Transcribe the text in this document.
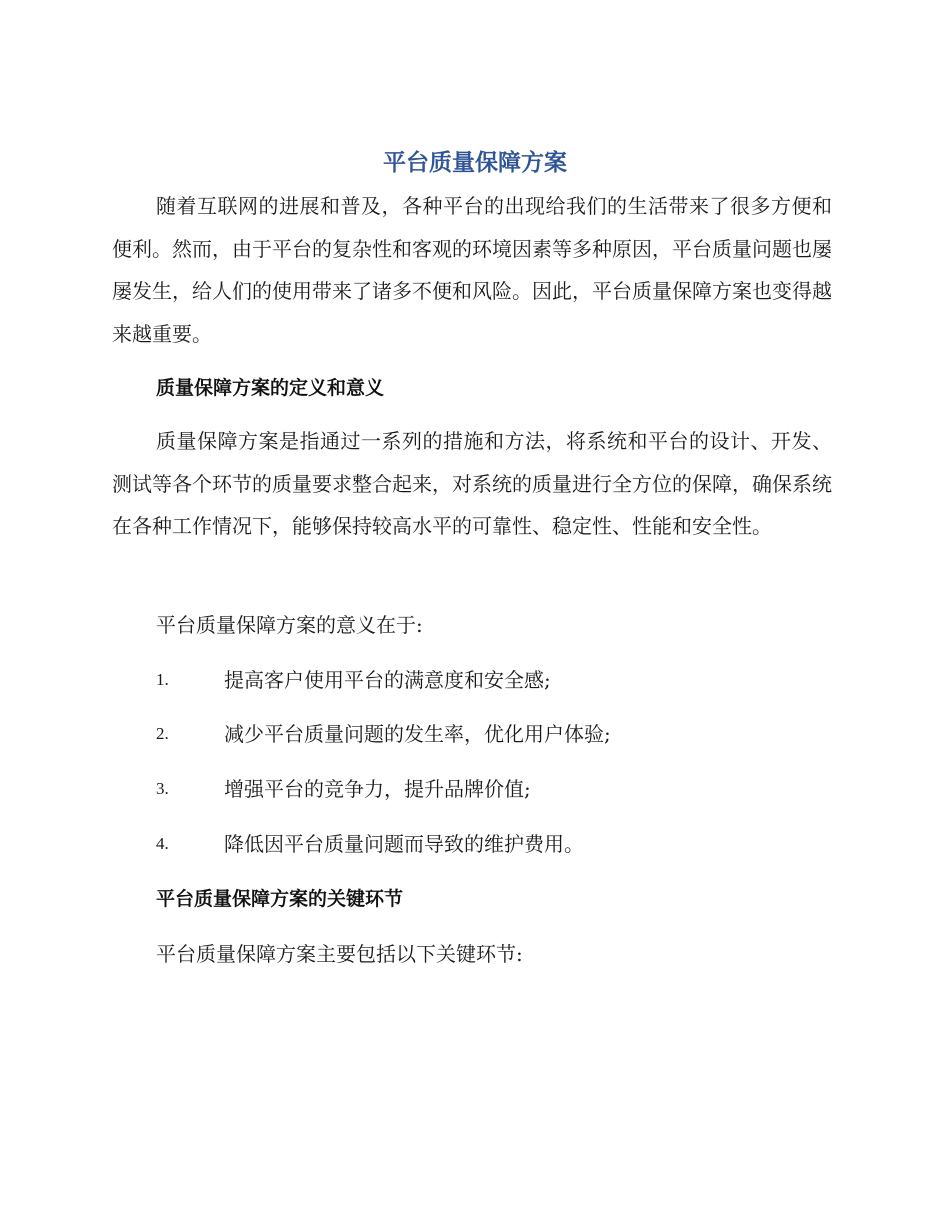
平台质量保障方案

随着互联网的进展和普及，各种平台的出现给我们的生活带来了很多方便和便利。然而，由于平台的复杂性和客观的环境因素等多种原因，平台质量问题也屡屡发生，给人们的使用带来了诸多不便和风险。因此，平台质量保障方案也变得越来越重要。

质量保障方案的定义和意义

质量保障方案是指通过一系列的措施和方法，将系统和平台的设计、开发、测试等各个环节的质量要求整合起来，对系统的质量进行全方位的保障，确保系统在各种工作情况下，能够保持较高水平的可靠性、稳定性、性能和安全性。

平台质量保障方案的意义在于:

1.	提高客户使用平台的满意度和安全感;
2.	减少平台质量问题的发生率，优化用户体验;
3.	增强平台的竞争力，提升品牌价值;
4.	降低因平台质量问题而导致的维护费用。
平台质量保障方案的关键环节

平台质量保障方案主要包括以下关键环节:
